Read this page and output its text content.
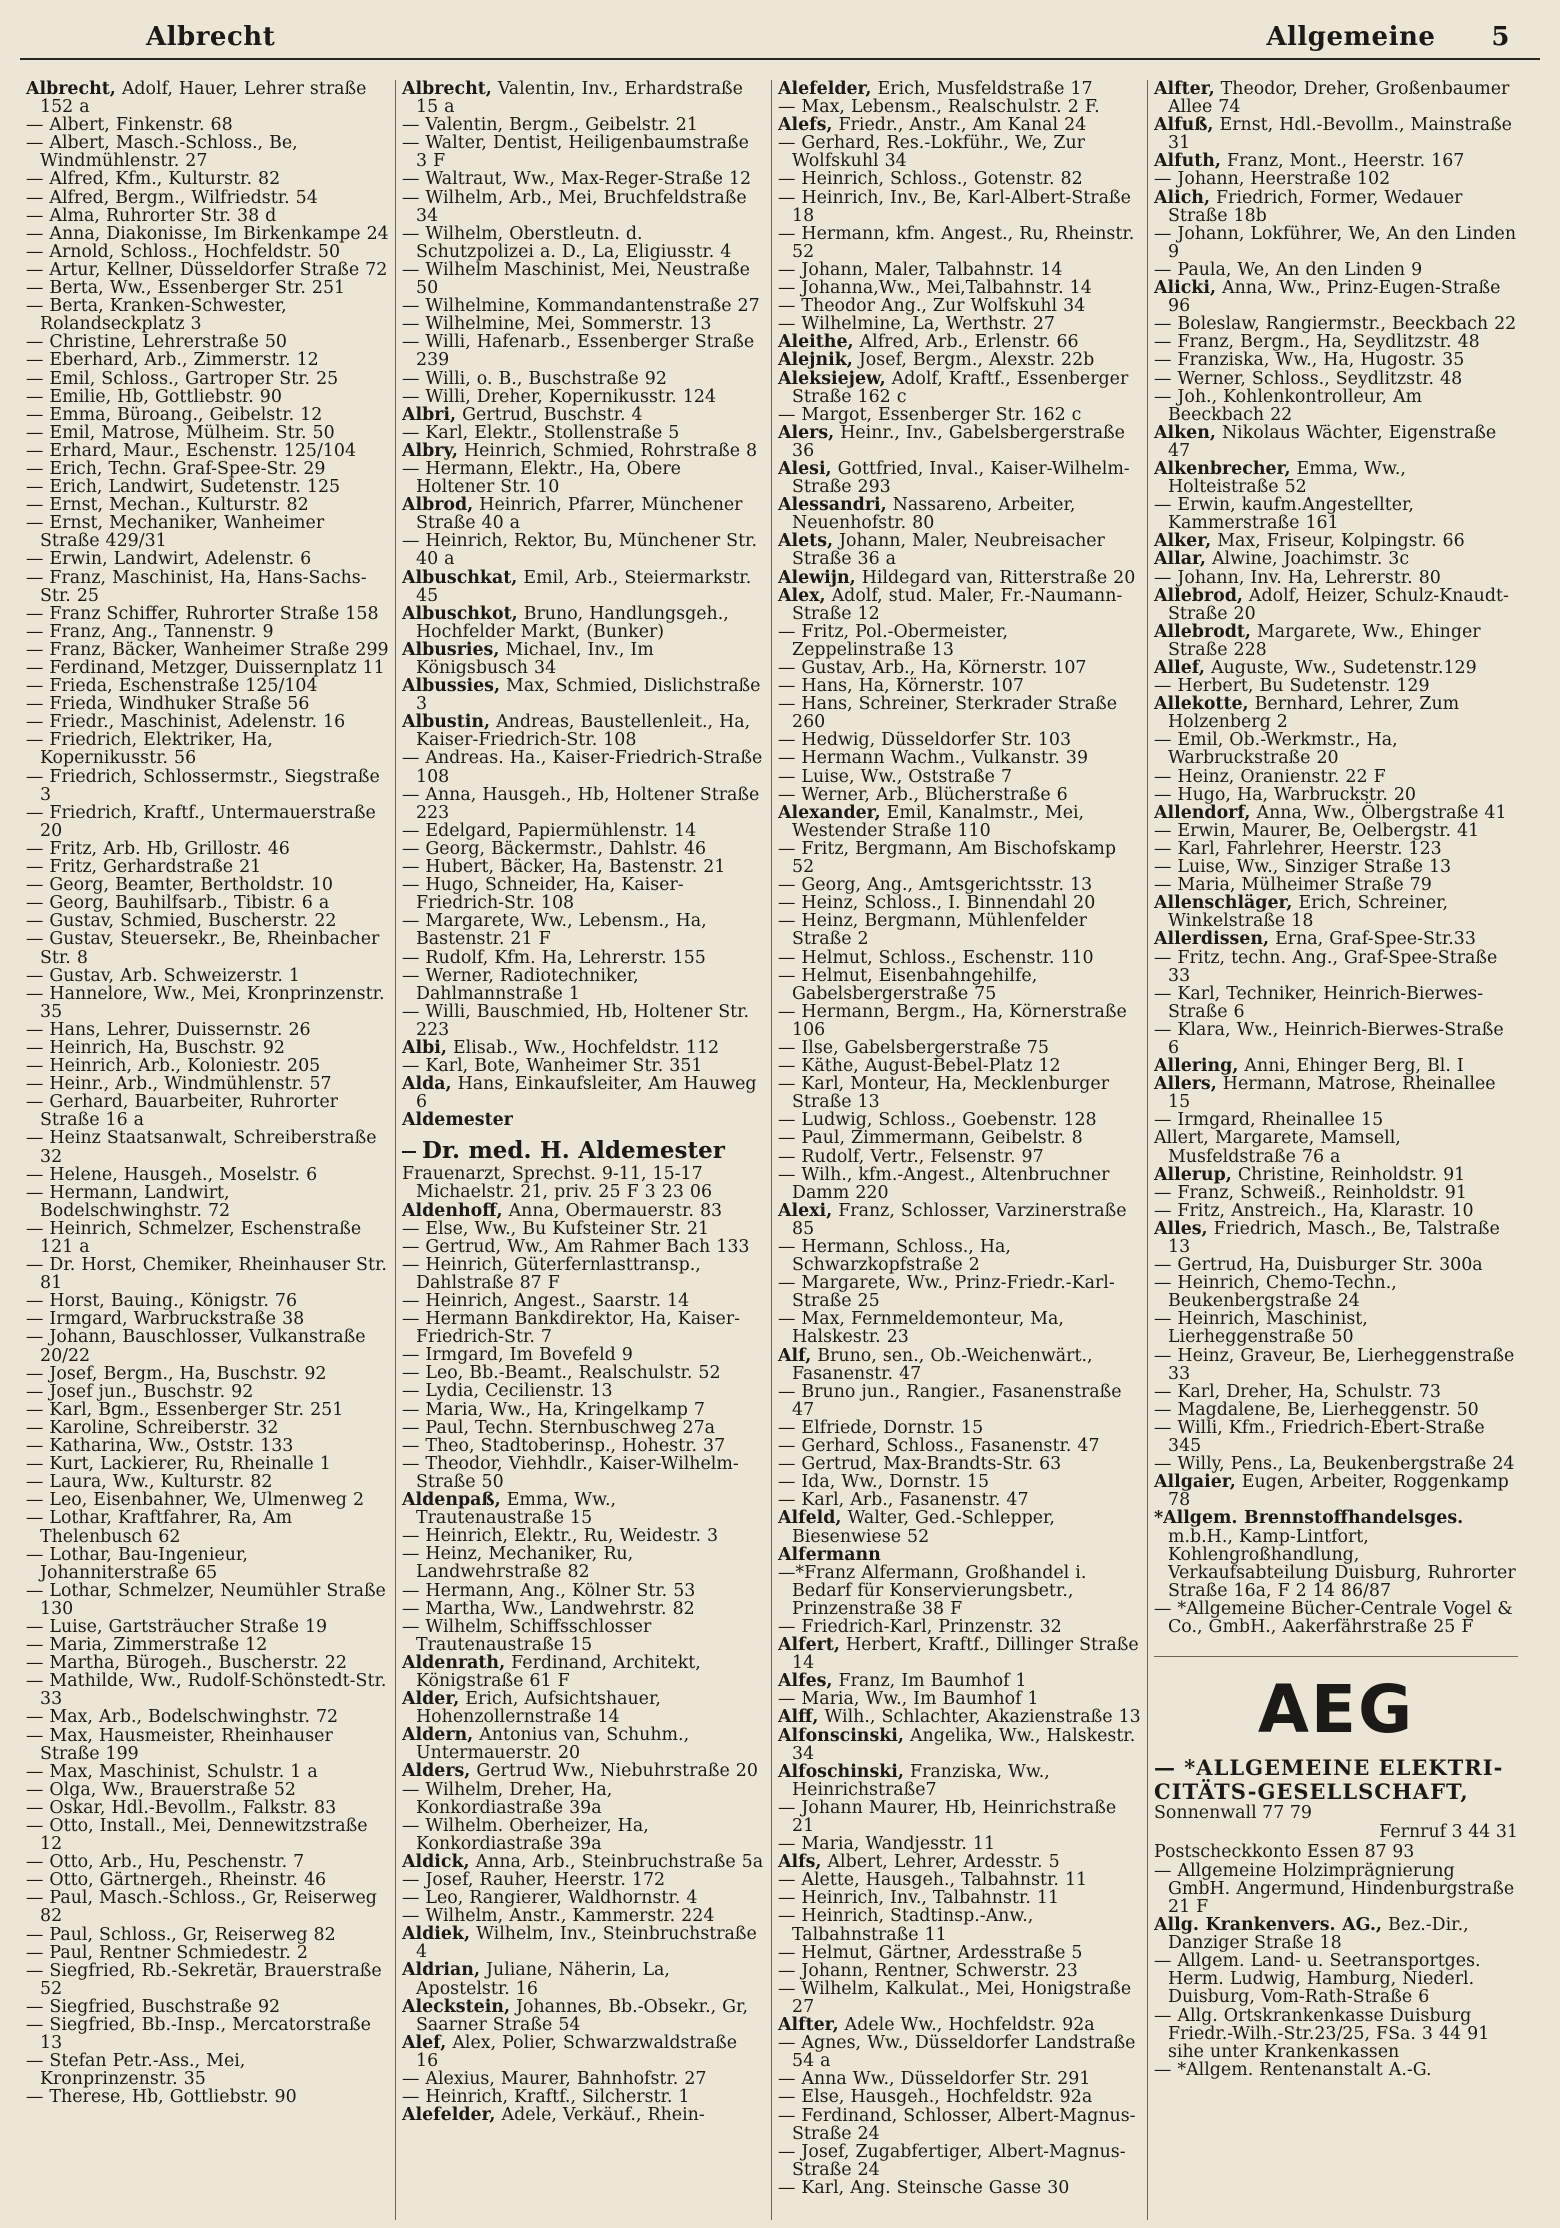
Albrecht	Allgemeine 5

Albrecht, Adolf, Hauer, Lehrer straße 152 a

— Albert, Finkenstr. 68

— Albert, Masch.-Schloss., Be, Windmühlenstr. 27

— Alfred, Kfm., Kulturstr. 82

— Alfred, Bergm., Wilfriedstr. 54

— Alma, Ruhrorter Str. 38 d

— Anna, Diakonisse, Im Birkenkampe 24

— Arnold, Schloss., Hochfeldstr. 50

— Artur, Kellner, Düsseldorfer Straße 72

— Berta, Ww., Essenberger Str. 251

— Berta, Kranken-Schwester, Rolandseckplatz 3

— Christine, Lehrerstraße 50

— Eberhard, Arb., Zimmerstr. 12

— Emil, Schloss., Gartroper Str. 25

— Emilie, Hb, Gottliebstr. 90

— Emma, Büroang., Geibelstr. 12

— Emil, Matrose, Mülheim. Str. 50

— Erhard, Maur., Eschenstr. 125/104

— Erich, Techn. Graf-Spee-Str. 29

— Erich, Landwirt, Sudetenstr. 125

— Ernst, Mechan., Kulturstr. 82

— Ernst, Mechaniker, Wanheimer Straße 429/31

— Erwin, Landwirt, Adelenstr. 6

— Franz, Maschinist, Ha, Hans-Sachs-Str. 25

— Franz Schiffer, Ruhrorter Straße 158

— Franz, Ang., Tannenstr. 9

— Franz, Bäcker, Wanheimer Straße 299

— Ferdinand, Metzger, Duissernplatz 11

— Frieda, Eschenstraße 125/104

— Frieda, Windhuker Straße 56

— Friedr., Maschinist, Adelenstr. 16

— Friedrich, Elektriker, Ha, Kopernikusstr. 56

— Friedrich, Schlossermstr., Siegstraße 3

— Friedrich, Kraftf., Untermauerstraße 20

— Fritz, Arb. Hb, Grillostr. 46

— Fritz, Gerhardstraße 21

— Georg, Beamter, Bertholdstr. 10

— Georg, Bauhilfsarb., Tibistr. 6 a

— Gustav, Schmied, Buscherstr. 22

— Gustav, Steuersekr., Be, Rheinbacher Str. 8

— Gustav, Arb. Schweizerstr. 1

— Hannelore, Ww., Mei, Kronprinzenstr. 35

— Hans, Lehrer, Duissernstr. 26

— Heinrich, Ha, Buschstr. 92

— Heinrich, Arb., Koloniestr. 205

— Heinr., Arb., Windmühlenstr. 57

— Gerhard, Bauarbeiter, Ruhrorter Straße 16 a

— Heinz Staatsanwalt, Schreiberstraße 32

— Helene, Hausgeh., Moselstr. 6

— Hermann, Landwirt, Bodelschwinghstr. 72

— Heinrich, Schmelzer, Eschenstraße 121 a

— Dr. Horst, Chemiker, Rheinhauser Str. 81

— Horst, Bauing., Königstr. 76

— Irmgard, Warbruckstraße 38

— Johann, Bauschlosser, Vulkanstraße 20/22

— Josef, Bergm., Ha, Buschstr. 92

— Josef jun., Buschstr. 92

— Karl, Bgm., Essenberger Str. 251

— Karoline, Schreiberstr. 32

— Katharina, Ww., Oststr. 133

— Kurt, Lackierer, Ru, Rheinalle 1

— Laura, Ww., Kulturstr. 82

— Leo, Eisenbahner, We, Ulmenweg 2

— Lothar, Kraftfahrer, Ra, Am Thelenbusch 62

— Lothar, Bau-Ingenieur, Johanniterstraße 65

— Lothar, Schmelzer, Neumühler Straße 130

— Luise, Gartsträucher Straße 19

— Maria, Zimmerstraße 12

— Martha, Bürogeh., Buscherstr. 22

— Mathilde, Ww., Rudolf-Schönstedt-Str. 33

— Max, Arb., Bodelschwinghstr. 72

— Max, Hausmeister, Rheinhauser Straße 199

— Max, Maschinist, Schulstr. 1 a

— Olga, Ww., Brauerstraße 52

— Oskar, Hdl.-Bevollm., Falkstr. 83

— Otto, Install., Mei, Dennewitzstraße 12

— Otto, Arb., Hu, Peschenstr. 7

— Otto, Gärtnergeh., Rheinstr. 46

— Paul, Masch.-Schloss., Gr, Reiserweg 82

— Paul, Schloss., Gr, Reiserweg 82

— Paul, Rentner Schmiedestr. 2

— Siegfried, Rb.-Sekretär, Brauerstraße 52

— Siegfried, Buschstraße 92

— Siegfried, Bb.-Insp., Mercatorstraße 13

— Stefan Petr.-Ass., Mei, Kronprinzenstr. 35

— Therese, Hb, Gottliebstr. 90

Albrecht, Valentin, Inv., Erhardstraße 15 a

— Valentin, Bergm., Geibelstr. 21

— Walter, Dentist, Heiligenbaumstraße 3 F

— Waltraut, Ww., Max-Reger-Straße 12

— Wilhelm, Arb., Mei, Bruchfeldstraße 34

— Wilhelm, Oberstleutn. d. Schutzpolizei a. D., La, Eligiusstr. 4

— Wilhelm Maschinist, Mei, Neustraße 50

— Wilhelmine, Kommandantenstraße 27

— Wilhelmine, Mei, Sommerstr. 13

— Willi, Hafenarb., Essenberger Straße 239

— Willi, o. B., Buschstraße 92

— Willi, Dreher, Kopernikusstr. 124

Albri, Gertrud, Buschstr. 4

— Karl, Elektr., Stollenstraße 5

Albry, Heinrich, Schmied, Rohrstraße 8

— Hermann, Elektr., Ha, Obere Holtener Str. 10

Albrod, Heinrich, Pfarrer, Münchener Straße 40 a

— Heinrich, Rektor, Bu, Münchener Str. 40 a

Albuschkat, Emil, Arb., Steiermarkstr. 45

Albuschkot, Bruno, Handlungsgeh., Hochfelder Markt, (Bunker)

Albusries, Michael, Inv., Im Königsbusch 34

Albussies, Max, Schmied, Dislichstraße 3

Albustin, Andreas, Baustellenleit., Ha, Kaiser-Friedrich-Str. 108

— Andreas. Ha., Kaiser-Friedrich-Straße 108

— Anna, Hausgeh., Hb, Holtener Straße 223

— Edelgard, Papiermühlenstr. 14

— Georg, Bäckermstr., Dahlstr. 46

— Hubert, Bäcker, Ha, Bastenstr. 21

— Hugo, Schneider, Ha, Kaiser-Friedrich-Str. 108

— Margarete, Ww., Lebensm., Ha, Bastenstr. 21 F

— Rudolf, Kfm. Ha, Lehrerstr. 155

— Werner, Radiotechniker, Dahlmannstraße 1

— Willi, Bauschmied, Hb, Holtener Str. 223

Albi, Elisab., Ww., Hochfeldstr. 112

— Karl, Bote, Wanheimer Str. 351

Alda, Hans, Einkaufsleiter, Am Hauweg 6

Aldemester

Dr. med. H. Aldemester

Frauenarzt, Sprechst. 9-11, 15-17 Michaelstr. 21, priv. 25 F 3 23 06

Aldenhoff, Anna, Obermauerstr. 83

— Else, Ww., Bu Kufsteiner Str. 21

— Gertrud, Ww., Am Rahmer Bach 133

— Heinrich, Güterfernlasttransp., Dahlstraße 87 F

— Heinrich, Angest., Saarstr. 14

— Hermann Bankdirektor, Ha, Kaiser-Friedrich-Str. 7

— Irmgard, Im Bovefeld 9

— Leo, Bb.-Beamt., Realschulstr. 52

— Lydia, Cecilienstr. 13

— Maria, Ww., Ha, Kringelkamp 7

— Paul, Techn. Sternbuschweg 27a

— Theo, Stadtoberinsp., Hohestr. 37

— Theodor, Viehhdlr., Kaiser-Wilhelm-Straße 50

Aldenpaß, Emma, Ww., Trautenaustraße 15

— Heinrich, Elektr., Ru, Weidestr. 3

— Heinz, Mechaniker, Ru, Landwehrstraße 82

— Hermann, Ang., Kölner Str. 53

— Martha, Ww., Landwehrstr. 82

— Wilhelm, Schiffsschlosser Trautenaustraße 15

Aldenrath, Ferdinand, Architekt, Königstraße 61 F

Alder, Erich, Aufsichtshauer, Hohenzollernstraße 14

Aldern, Antonius van, Schuhm., Untermauerstr. 20

Alders, Gertrud Ww., Niebuhrstraße 20

— Wilhelm, Dreher, Ha, Konkordiastraße 39a

— Wilhelm. Oberheizer, Ha, Konkordiastraße 39a

Aldick, Anna, Arb., Steinbruchstraße 5a

— Josef, Rauher, Heerstr. 172

— Leo, Rangierer, Waldhornstr. 4

— Wilhelm, Anstr., Kammerstr. 224

Aldiek, Wilhelm, Inv., Steinbruchstraße 4

Aldrian, Juliane, Näherin, La, Apostelstr. 16

Aleckstein, Johannes, Bb.-Obsekr., Gr, Saarner Straße 54

Alef, Alex, Polier, Schwarzwaldstraße 16

— Alexius, Maurer, Bahnhofstr. 27

— Heinrich, Kraftf., Silcherstr. 1

Alefelder, Adele, Verkäuf., Rhein-

Alefelder, Erich, Musfeldstraße 17

— Max, Lebensm., Realschulstr. 2 F.

Alefs, Friedr., Anstr., Am Kanal 24

— Gerhard, Res.-Lokführ., We, Zur Wolfskuhl 34

— Heinrich, Schloss., Gotenstr. 82

— Heinrich, Inv., Be, Karl-Albert-Straße 18

— Hermann, kfm. Angest., Ru, Rheinstr. 52

— Johann, Maler, Talbahnstr. 14

— Johanna,Ww., Mei,Talbahnstr. 14

— Theodor Ang., Zur Wolfskuhl 34

— Wilhelmine, La, Werthstr. 27

Aleithe, Alfred, Arb., Erlenstr. 66

Alejnik, Josef, Bergm., Alexstr. 22b

Aleksiejew, Adolf, Kraftf., Essenberger Straße 162 c

— Margot, Essenberger Str. 162 c

Alers, Heinr., Inv., Gabelsbergerstraße 36

Alesi, Gottfried, Inval., Kaiser-Wilhelm-Straße 293

Alessandri, Nassareno, Arbeiter, Neuenhofstr. 80

Alets, Johann, Maler, Neubreisacher Straße 36 a

Alewijn, Hildegard van, Ritterstraße 20

Alex, Adolf, stud. Maler, Fr.-Naumann-Straße 12

— Fritz, Pol.-Obermeister, Zeppelinstraße 13

— Gustav, Arb., Ha, Körnerstr. 107

— Hans, Ha, Körnerstr. 107

— Hans, Schreiner, Sterkrader Straße 260

— Hedwig, Düsseldorfer Str. 103

— Hermann Wachm., Vulkanstr. 39

— Luise, Ww., Oststraße 7

— Werner, Arb., Blücherstraße 6

Alexander, Emil, Kanalmstr., Mei, Westender Straße 110

— Fritz, Bergmann, Am Bischofskamp 52

— Georg, Ang., Amtsgerichtsstr. 13

— Heinz, Schloss., I. Binnendahl 20

— Heinz, Bergmann, Mühlenfelder Straße 2

— Helmut, Schloss., Eschenstr. 110

— Helmut, Eisenbahngehilfe, Gabelsbergerstraße 75

— Hermann, Bergm., Ha, Körnerstraße 106

— Ilse, Gabelsbergerstraße 75

— Käthe, August-Bebel-Platz 12

— Karl, Monteur, Ha, Mecklenburger Straße 13

— Ludwig, Schloss., Goebenstr. 128

— Paul, Zimmermann, Geibelstr. 8

— Rudolf, Vertr., Felsenstr. 97

— Wilh., kfm.-Angest., Altenbruchner Damm 220

Alexi, Franz, Schlosser, Varzinerstraße 85

— Hermann, Schloss., Ha, Schwarzkopfstraße 2

— Margarete, Ww., Prinz-Friedr.-Karl-Straße 25

— Max, Fernmeldemonteur, Ma, Halskestr. 23

Alf, Bruno, sen., Ob.-Weichenwärt., Fasanenstr. 47

— Bruno jun., Rangier., Fasanenstraße 47

— Elfriede, Dornstr. 15

— Gerhard, Schloss., Fasanenstr. 47

— Gertrud, Max-Brandts-Str. 63

— Ida, Ww., Dornstr. 15

— Karl, Arb., Fasanenstr. 47

Alfeld, Walter, Ged.-Schlepper, Biesenwiese 52

Alfermann

—*Franz Alfermann, Großhandel i. Bedarf für Konservierungsbetr., Prinzenstraße 38 F

— Friedrich-Karl, Prinzenstr. 32

Alfert, Herbert, Kraftf., Dillinger Straße 14

Alfes, Franz, Im Baumhof 1

— Maria, Ww., Im Baumhof 1

Alff, Wilh., Schlachter, Akazienstraße 13

Alfonscinski, Angelika, Ww., Halskestr. 34

Alfoschinski, Franziska, Ww., Heinrichstraße7

— Johann Maurer, Hb, Heinrichstraße 21

— Maria, Wandjesstr. 11

Alfs, Albert, Lehrer, Ardesstr. 5

— Alette, Hausgeh., Talbahnstr. 11

— Heinrich, Inv., Talbahnstr. 11

— Heinrich, Stadtinsp.-Anw., Talbahnstraße 11

— Helmut, Gärtner, Ardesstraße 5

— Johann, Rentner, Schwerstr. 23

— Wilhelm, Kalkulat., Mei, Honigstraße 27

Alfter, Adele Ww., Hochfeldstr. 92a

— Agnes, Ww., Düsseldorfer Landstraße 54 a

— Anna Ww., Düsseldorfer Str. 291

— Else, Hausgeh., Hochfeldstr. 92a

— Ferdinand, Schlosser, Albert-Magnus-Straße 24

— Josef, Zugabfertiger, Albert-Magnus-Straße 24

— Karl, Ang. Steinsche Gasse 30

Alfter, Theodor, Dreher, Großenbaumer Allee 74

Alfuß, Ernst, Hdl.-Bevollm., Mainstraße 31

Alfuth, Franz, Mont., Heerstr. 167

— Johann, Heerstraße 102

Alich, Friedrich, Former, Wedauer Straße 18b

— Johann, Lokführer, We, An den Linden 9

— Paula, We, An den Linden 9

Alicki, Anna, Ww., Prinz-Eugen-Straße 96

— Boleslaw, Rangiermstr., Beeckbach 22

— Franz, Bergm., Ha, Seydlitzstr. 48

— Franziska, Ww., Ha, Hugostr. 35

— Werner, Schloss., Seydlitzstr. 48

— Joh., Kohlenkontrolleur, Am Beeckbach 22

Alken, Nikolaus Wächter, Eigenstraße 47

Alkenbrecher, Emma, Ww., Holteistraße 52

— Erwin, kaufm.Angestellter, Kammerstraße 161

Alker, Max, Friseur, Kolpingstr. 66

Allar, Alwine, Joachimstr. 3c

— Johann, Inv. Ha, Lehrerstr. 80

Allebrod, Adolf, Heizer, Schulz-Knaudt-Straße 20

Allebrodt, Margarete, Ww., Ehinger Straße 228

Allef, Auguste, Ww., Sudetenstr.129

— Herbert, Bu Sudetenstr. 129

Allekotte, Bernhard, Lehrer, Zum Holzenberg 2

— Emil, Ob.-Werkmstr., Ha, Warbruckstraße 20

— Heinz, Oranienstr. 22 F

— Hugo, Ha, Warbruckstr. 20

Allendorf, Anna, Ww., Ölbergstraße 41

— Erwin, Maurer, Be, Oelbergstr. 41

— Karl, Fahrlehrer, Heerstr. 123

— Luise, Ww., Sinziger Straße 13

— Maria, Mülheimer Straße 79

Allenschläger, Erich, Schreiner, Winkelstraße 18

Allerdissen, Erna, Graf-Spee-Str.33

— Fritz, techn. Ang., Graf-Spee-Straße 33

— Karl, Techniker, Heinrich-Bierwes-Straße 6

— Klara, Ww., Heinrich-Bierwes-Straße 6

Allering, Anni, Ehinger Berg, Bl. I

Allers, Hermann, Matrose, Rheinallee 15

— Irmgard, Rheinallee 15

Allert, Margarete, Mamsell, Musfeldstraße 76 a

Allerup, Christine, Reinholdstr. 91

— Franz, Schweiß., Reinholdstr. 91

— Fritz, Anstreich., Ha, Klarastr. 10

Alles, Friedrich, Masch., Be, Talstraße 13

— Gertrud, Ha, Duisburger Str. 300a

— Heinrich, Chemo-Techn., Beukenbergstraße 24

— Heinrich, Maschinist, Lierheggenstraße 50

— Heinz, Graveur, Be, Lierheggenstraße 33

— Karl, Dreher, Ha, Schulstr. 73

— Magdalene, Be, Lierheggenstr. 50

— Willi, Kfm., Friedrich-Ebert-Straße 345

— Willy, Pens., La, Beukenbergstraße 24

Allgaier, Eugen, Arbeiter, Roggenkamp 78

*Allgem. Brennstoffhandelsges. m.b.H., Kamp-Lintfort, Kohlengroßhandlung, Verkaufsabteilung Duisburg, Ruhrorter Straße 16a, F 2 14 86/87

— *Allgemeine Bücher-Centrale Vogel & Co., GmbH., Aakerfährstraße 25 F

AEG
— *ALLGEMEINE ELEKTRI-
CITÄTS-GESELLSCHAFT,

Sonnenwall 77 79

Fernruf 3 44 31

Postscheckkonto Essen 87 93

— Allgemeine Holzimprägnierung GmbH. Angermund, Hindenburgstraße 21 F

Allg. Krankenvers. AG., Bez.-Dir., Danziger Straße 18

— Allgem. Land- u. Seetransportges. Herm. Ludwig, Hamburg, Niederl. Duisburg, Vom-Rath-Straße 6

— Allg. Ortskrankenkasse Duisburg Friedr.-Wilh.-Str.23/25, FSa. 3 44 91 sihe unter Krankenkassen

— *Allgem. Rentenanstalt A.-G.
